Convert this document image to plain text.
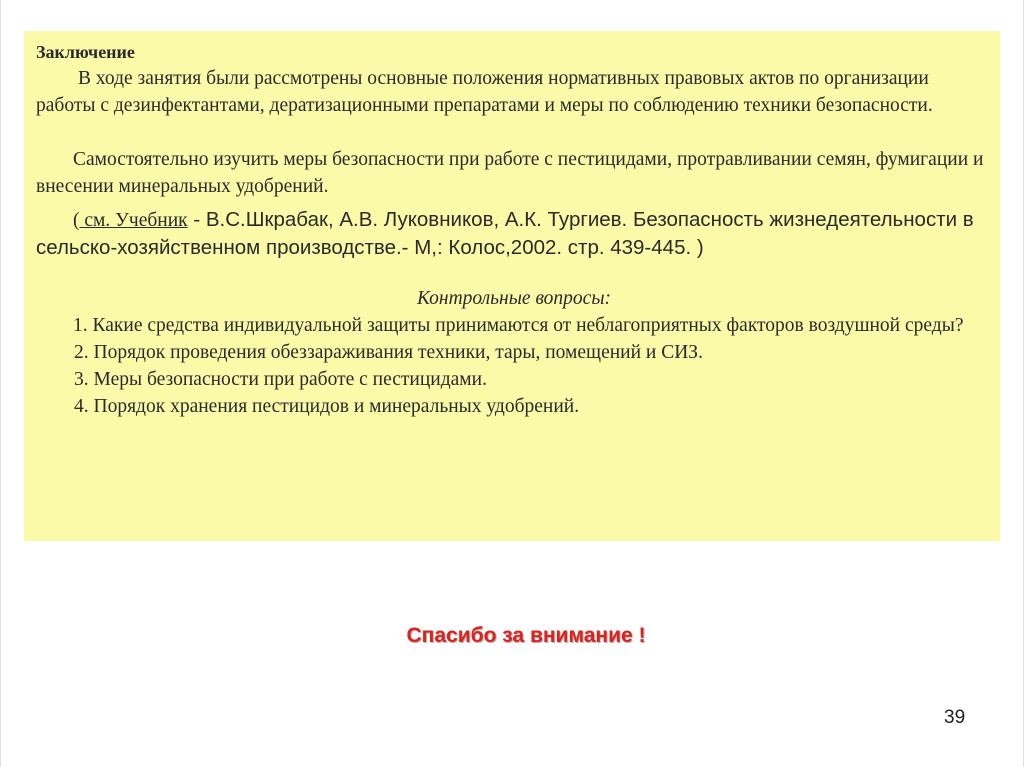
Заключение

В ходе занятия были рассмотрены основные положения нормативных правовых актов по организации работы с дезинфектантами, дератизационными препаратами и меры по соблюдению техники безопасности.

Самостоятельно изучить меры безопасности при работе с пестицидами, протравливании семян, фумигации и внесении минеральных удобрений.

( см. Учебник - В.С.Шкрабак, А.В. Луковников, А.К. Тургиев. Безопасность жизнедеятельности в сельско-хозяйственном производстве.- М,: Колос,2002. стр. 439-445. )

Контрольные вопросы:

1. Какие средства индивидуальной защиты принимаются от неблагоприятных факторов воздушной среды?

2. Порядок проведения обеззараживания техники, тары, помещений и СИЗ.

3. Меры безопасности при работе с пестицидами.

4. Порядок хранения пестицидов и минеральных удобрений.

Спасибо за внимание !
39
